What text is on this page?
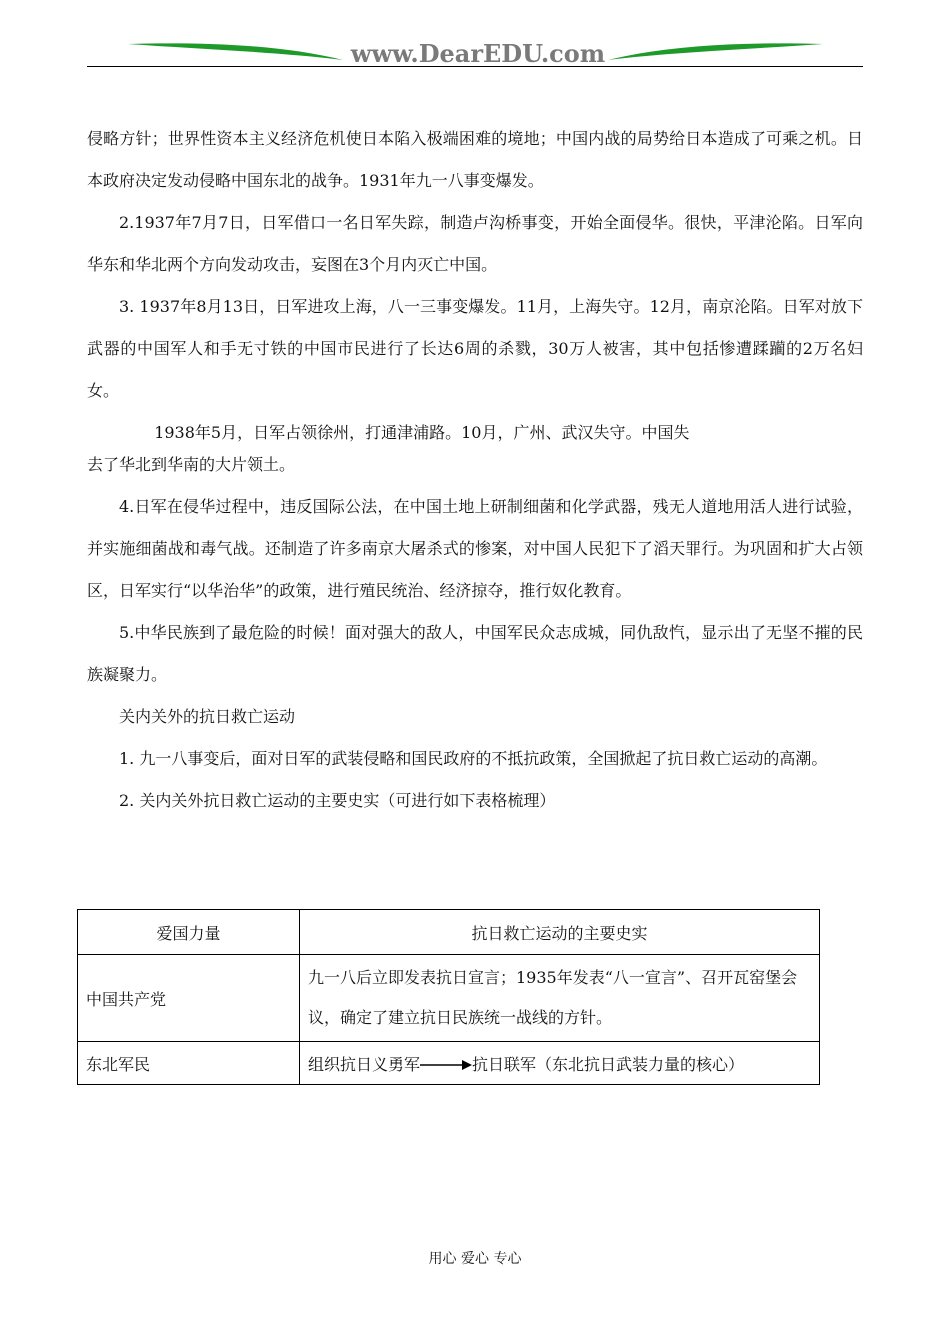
www.DearEDU.com

侵略方针；世界性资本主义经济危机使日本陷入极端困难的境地；中国内战的局势给日本造成了可乘之机。日本政府决定发动侵略中国东北的战争。1931年九一八事变爆发。

2.1937年7月7日，日军借口一名日军失踪，制造卢沟桥事变，开始全面侵华。很快，平津沦陷。日军向华东和华北两个方向发动攻击，妄图在3个月内灭亡中国。

3. 1937年8月13日，日军进攻上海，八一三事变爆发。11月，上海失守。12月，南京沦陷。日军对放下武器的中国军人和手无寸铁的中国市民进行了长达6周的杀戮，30万人被害，其中包括惨遭蹂躏的2万名妇女。

1938年5月，日军占领徐州，打通津浦路。10月，广州、武汉失守。中国失

去了华北到华南的大片领土。

4.日军在侵华过程中，违反国际公法，在中国土地上研制细菌和化学武器，残无人道地用活人进行试验，并实施细菌战和毒气战。还制造了许多南京大屠杀式的惨案，对中国人民犯下了滔天罪行。为巩固和扩大占领区，日军实行“以华治华”的政策，进行殖民统治、经济掠夺，推行奴化教育。

5.中华民族到了最危险的时候！面对强大的敌人，中国军民众志成城，同仇敌忾，显示出了无坚不摧的民族凝聚力。

关内关外的抗日救亡运动

1. 九一八事变后，面对日军的武装侵略和国民政府的不抵抗政策，全国掀起了抗日救亡运动的高潮。

2. 关内关外抗日救亡运动的主要史实（可进行如下表格梳理）

爱国力量	抗日救亡运动的主要史实
中国共产党	九一八后立即发表抗日宣言；1935年发表“八一宣言”、召开瓦窑堡会议，确定了建立抗日民族统一战线的方针。
东北军民	组织抗日义勇军 抗日联军（东北抗日武装力量的核心）
用心 爱心 专心
